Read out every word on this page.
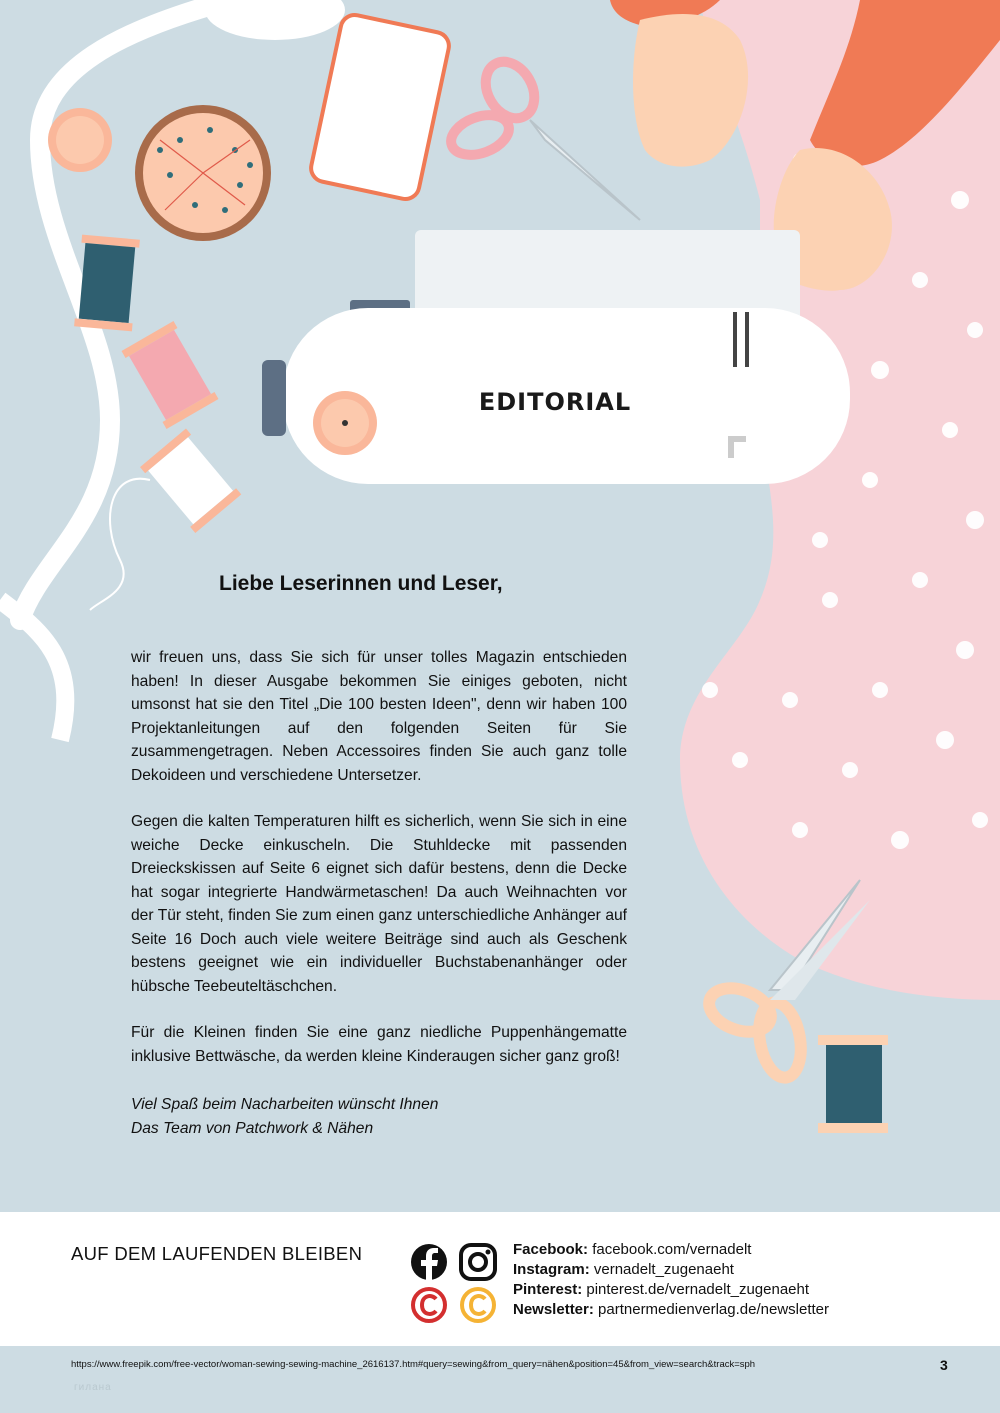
EDITORIAL
Liebe Leserinnen und Leser,

wir freuen uns, dass Sie sich für unser tolles Magazin entschieden haben! In dieser Ausgabe bekommen Sie einiges geboten, nicht umsonst hat sie den Titel „Die 100 besten Ideen", denn wir haben 100 Projektanleitungen auf den folgenden Seiten für Sie zusammengetragen. Neben Accessoires finden Sie auch ganz tolle Dekoideen und verschiedene Untersetzer.

Gegen die kalten Temperaturen hilft es sicherlich, wenn Sie sich in eine weiche Decke einkuscheln. Die Stuhldecke mit passenden Dreieckskissen auf Seite 6 eignet sich dafür bestens, denn die Decke hat sogar integrierte Handwärmetaschen! Da auch Weihnachten vor der Tür steht, finden Sie zum einen ganz unterschiedliche Anhänger auf Seite 16 Doch auch viele weitere Beiträge sind auch als Geschenk bestens geeignet wie ein individueller Buchstabenanhänger oder hübsche Teebeuteltäschchen.

Für die Kleinen finden Sie eine ganz niedliche Puppenhängematte inklusive Bettwäsche, da werden kleine Kinderaugen sicher ganz groß!

Viel Spaß beim Nacharbeiten wünscht Ihnen
Das Team von Patchwork & Nähen
AUF DEM LAUFENDEN BLEIBEN	Facebook: facebook.com/vernadelt
Instagram: vernadelt_zugenaeht
Pinterest: pinterest.de/vernadelt_zugenaeht
Newsletter: partnermedienverlag.de/newsletter
https://www.freepik.com/free-vector/woman-sewing-sewing-machine_2616137.htm#query=sewing&from_query=nähen&position=45&from_view=search&track=sph	3
гилана
